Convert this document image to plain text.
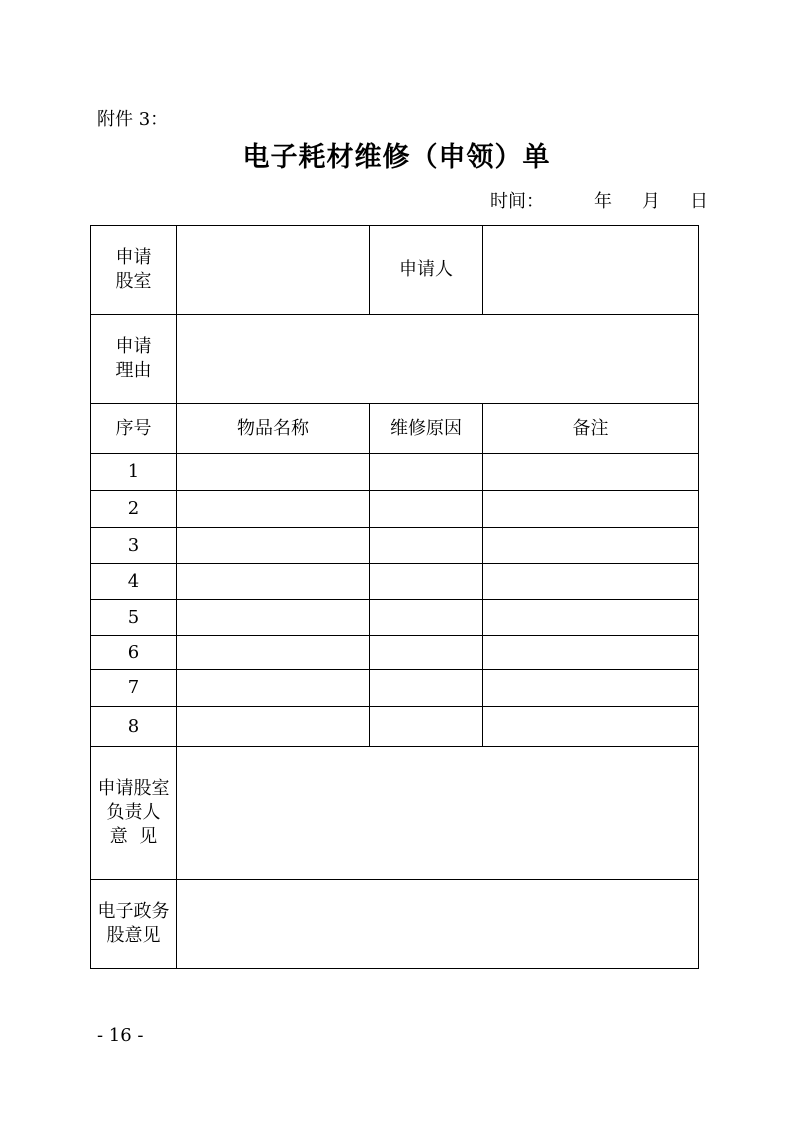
附件 3：
电子耗材维修（申领）单
时间：	年 月 日
申请
股室		申请人	

申请
理由			

序号	物品名称	维修原因	备注
1			
2			
3			
4			
5			
6			
7			
8			

申请股室
负责人
意  见			

电子政务
股意见			

- 16 -
